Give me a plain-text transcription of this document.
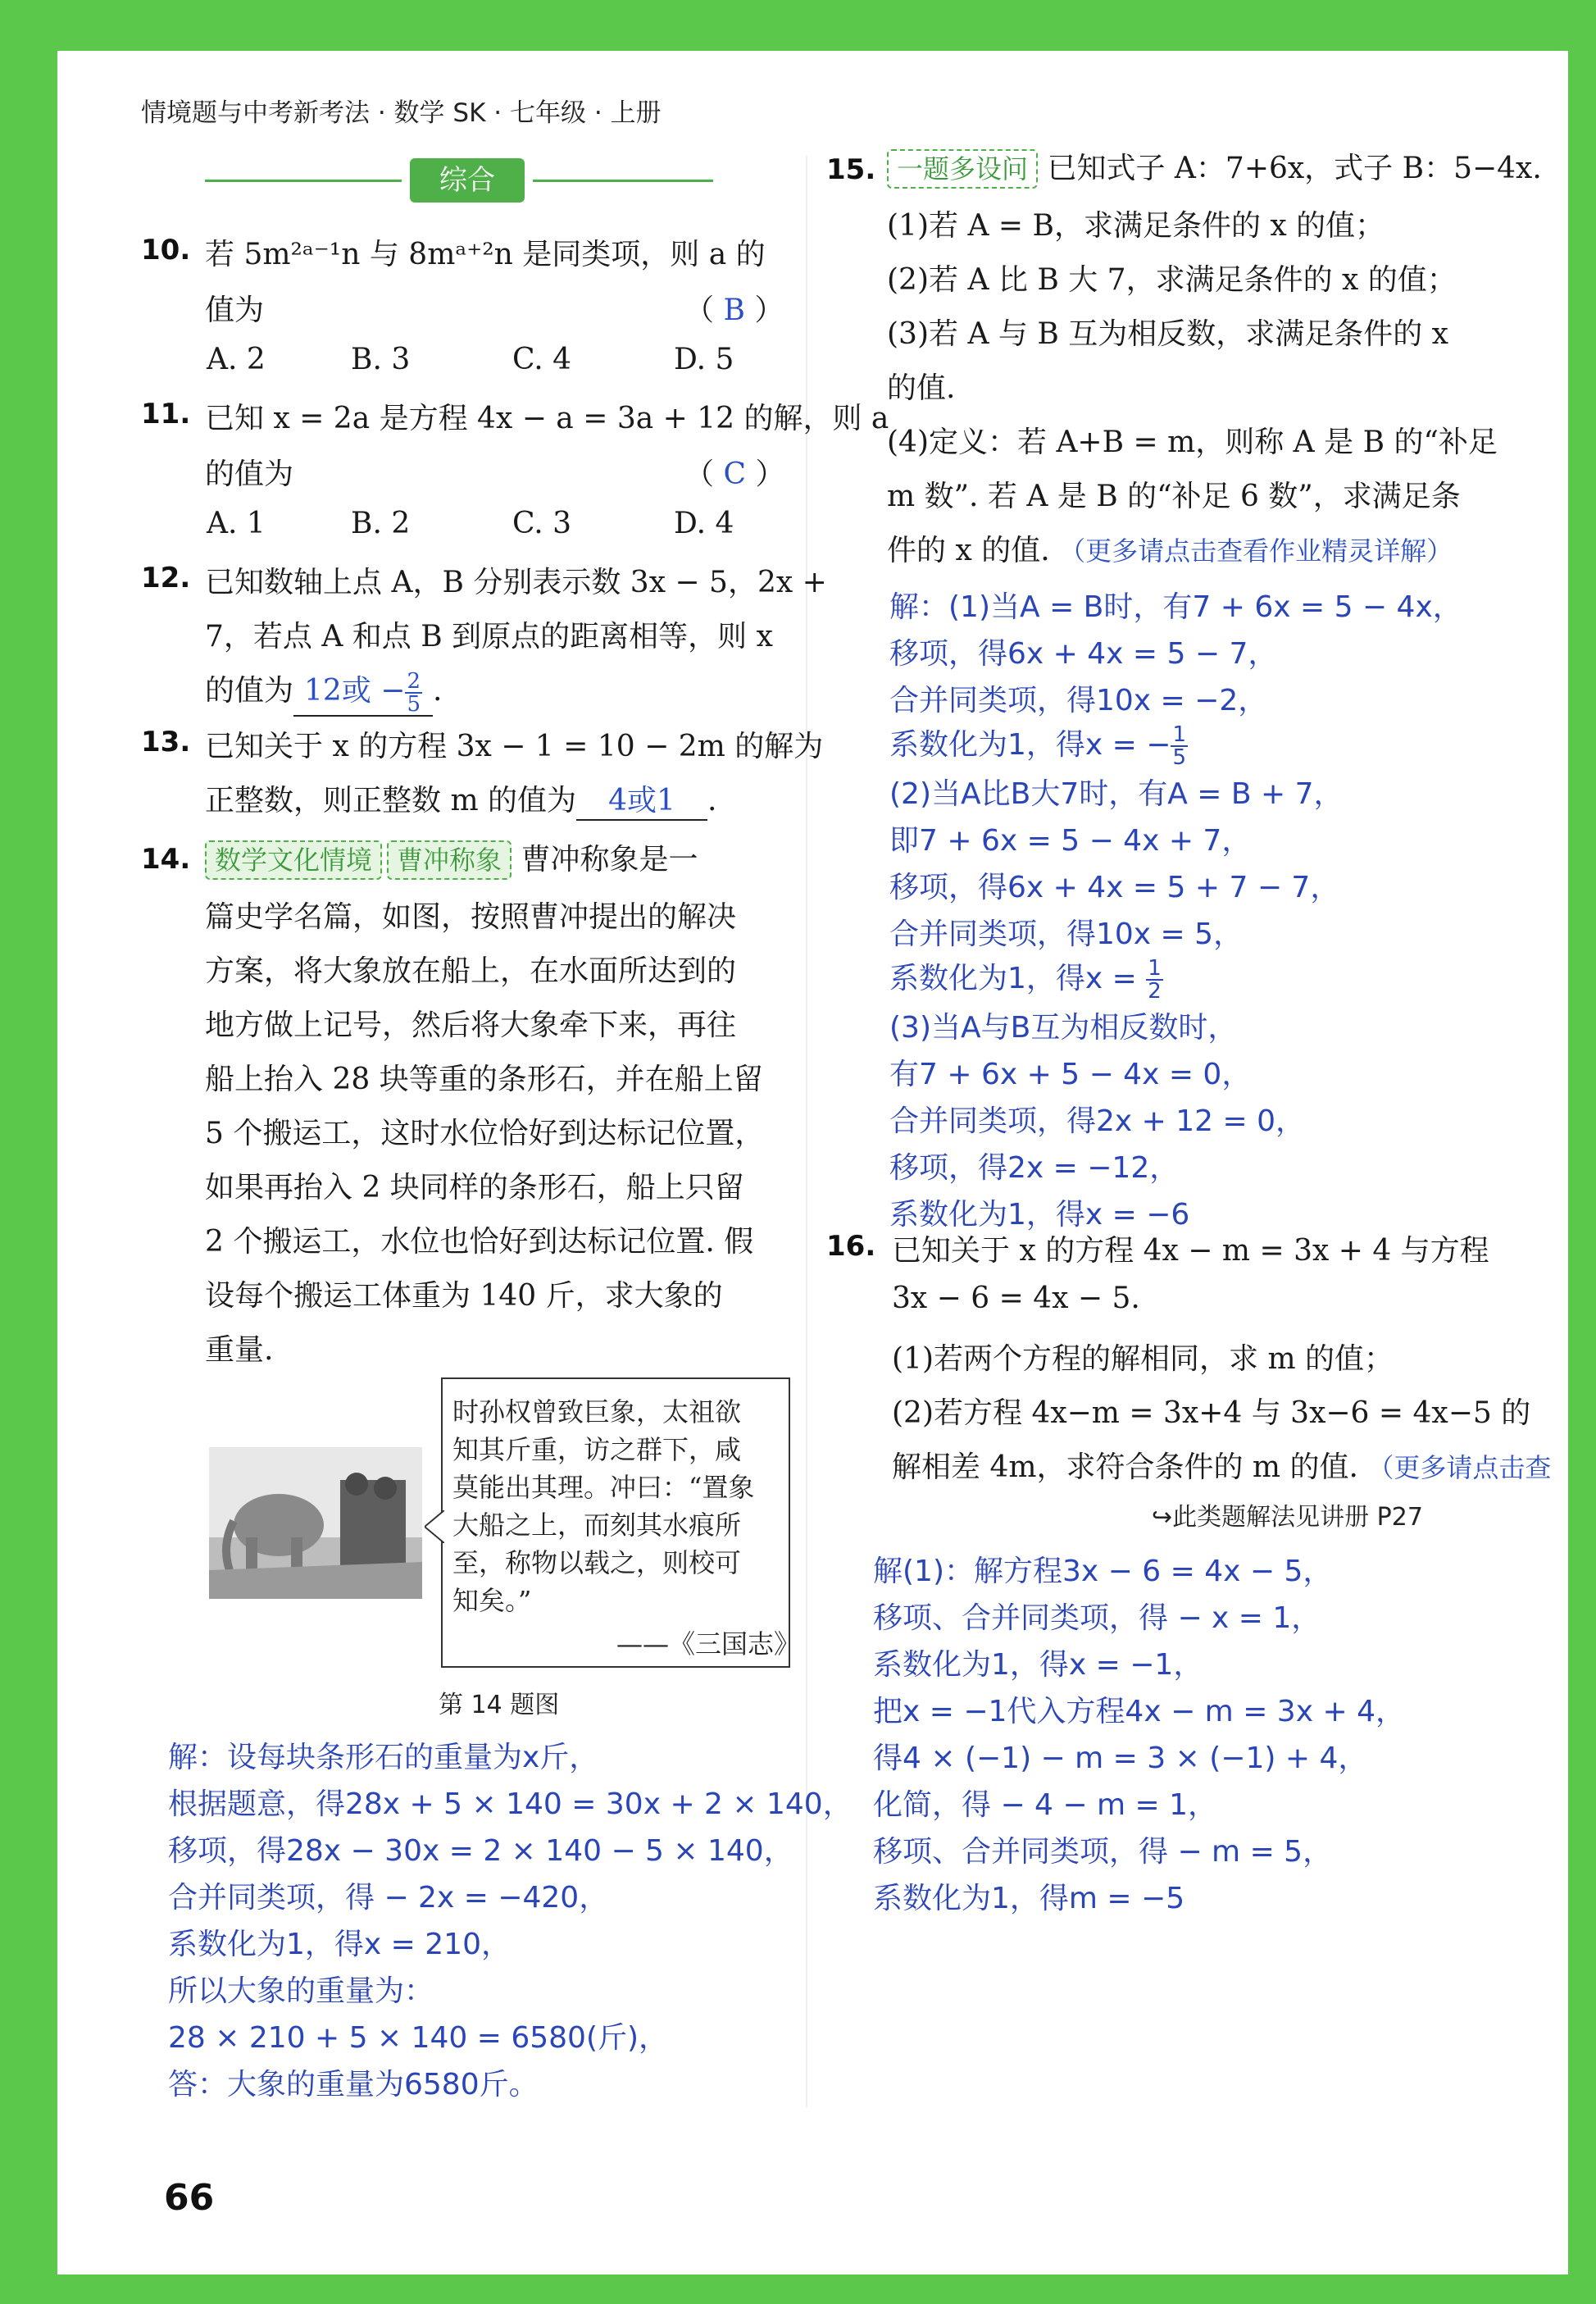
情境题与中考新考法 · 数学 SK · 七年级 · 上册
综合
10. 若 5m²ᵃ⁻¹n 与 8mᵃ⁺²n 是同类项，则 a 的
值为	（ B ）
A. 2	B. 3	C. 4	D. 5
11. 已知 x = 2a 是方程 4x − a = 3a + 12 的解，则 a
的值为	（ C ）
A. 1	B. 2	C. 3	D. 4
12. 已知数轴上点 A，B 分别表示数 3x − 5，2x +
7，若点 A 和点 B 到原点的距离相等，则 x
的值为 12或 − $\frac{2}{5}$ .
13. 已知关于 x 的方程 3x − 1 = 10 − 2m 的解为
正整数，则正整数 m 的值为 4或1 .
14. 数学文化情境 曹冲称象 曹冲称象是一
篇史学名篇，如图，按照曹冲提出的解决
方案，将大象放在船上，在水面所达到的
地方做上记号，然后将大象牵下来，再往
船上抬入 28 块等重的条形石，并在船上留
5 个搬运工，这时水位恰好到达标记位置，
如果再抬入 2 块同样的条形石，船上只留
2 个搬运工，水位也恰好到达标记位置. 假
设每个搬运工体重为 140 斤，求大象的
重量.
时孙权曾致巨象，太祖欲
知其斤重，访之群下，咸
莫能出其理。冲曰：“置象
大船之上，而刻其水痕所
至，称物以载之，则校可
知矣。”
——《三国志》
第 14 题图
解：设每块条形石的重量为x斤，
根据题意，得28x + 5 × 140 = 30x + 2 × 140，
移项，得28x − 30x = 2 × 140 − 5 × 140，
合并同类项，得 − 2x = −420，
系数化为1，得x = 210，
所以大象的重量为：
28 × 210 + 5 × 140 = 6580(斤)，
答：大象的重量为6580斤。
15. 一题多设问 已知式子 A：7+6x，式子 B：5−4x.
(1)若 A = B，求满足条件的 x 的值；
(2)若 A 比 B 大 7，求满足条件的 x 的值；
(3)若 A 与 B 互为相反数，求满足条件的 x
的值.
(4)定义：若 A+B = m，则称 A 是 B 的“补足
m 数”. 若 A 是 B 的“补足 6 数”，求满足条
件的 x 的值. （更多请点击查看作业精灵详解）
解：(1)当A = B时，有7 + 6x = 5 − 4x，
移项，得6x + 4x = 5 − 7，
合并同类项，得10x = −2，
系数化为1，得x = − $\frac{1}{5}$
(2)当A比B大7时，有A = B + 7，
即7 + 6x = 5 − 4x + 7，
移项，得6x + 4x = 5 + 7 − 7，
合并同类项，得10x = 5，
系数化为1，得$x = \frac{1}{2}$
(3)当A与B互为相反数时，
有7 + 6x + 5 − 4x = 0，
合并同类项，得2x + 12 = 0，
移项，得2x = −12，
系数化为1，得x = −6
16. 已知关于 x 的方程 4x − m = 3x + 4 与方程
3x − 6 = 4x − 5.
(1)若两个方程的解相同，求 m 的值；
(2)若方程 4x−m = 3x+4 与 3x−6 = 4x−5 的
解相差 4m，求符合条件的 m 的值. （更多请点击查
↪此类题解法见讲册 P27
解(1)：解方程3x − 6 = 4x − 5，
移项、合并同类项，得 − x = 1，
系数化为1，得x = −1，
把x = −1代入方程4x − m = 3x + 4，
得4 × (−1) − m = 3 × (−1) + 4，
化简，得 − 4 − m = 1，
移项、合并同类项，得 − m = 5，
系数化为1，得m = −5
66
